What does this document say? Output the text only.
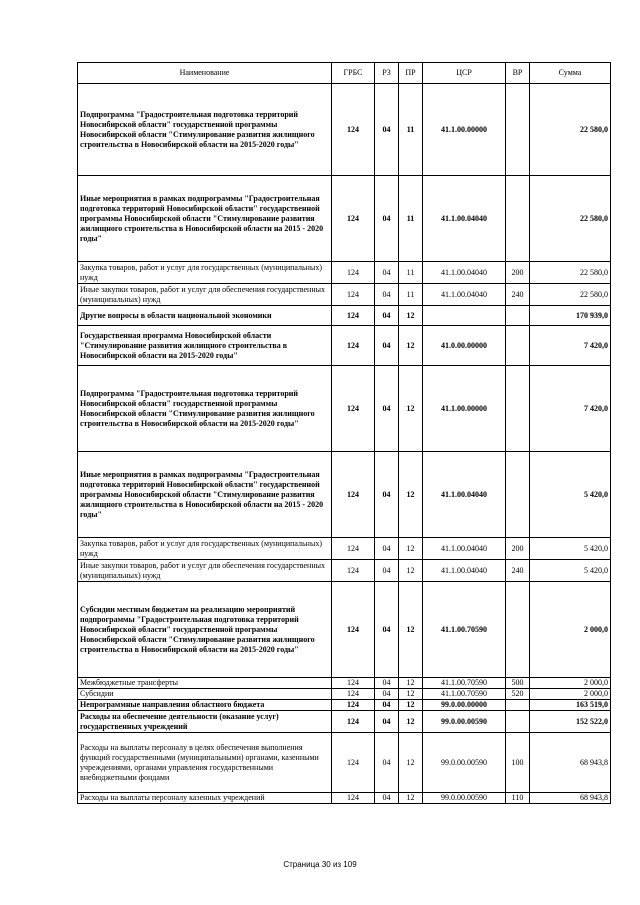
Наименование	ГРБС	РЗ	ПР	ЦСР	ВР	Сумма
Подпрограмма "Градостроительная подготовка территорий Новосибирской области" государственной программы Новосибирской области "Стимулирование развития жилищного строительства в Новосибирской области на 2015-2020 годы"	124	04	11	41.1.00.00000		22 580,0
Иные мероприятия в рамках подпрограммы "Градостроительная подготовка территорий Новосибирской области" государственной программы Новосибирской области "Стимулирование развития жилищного строительства в Новосибирской области на 2015 - 2020 годы"	124	04	11	41.1.00.04040		22 580,0
Закупка товаров, работ и услуг для государственных (муниципальных) нужд	124	04	11	41.1.00.04040	200	22 580,0
Иные закупки товаров, работ и услуг для обеспечения государственных (муниципальных) нужд	124	04	11	41.1.00.04040	240	22 580,0
Другие вопросы в области национальной экономики	124	04	12			170 939,0
Государственная программа Новосибирской области "Стимулирование развития жилищного строительства в Новосибирской области на 2015-2020 годы"	124	04	12	41.0.00.00000		7 420,0
Подпрограмма "Градостроительная подготовка территорий Новосибирской области" государственной программы Новосибирской области "Стимулирование развития жилищного строительства в Новосибирской области на 2015-2020 годы"	124	04	12	41.1.00.00000		7 420,0
Иные мероприятия в рамках подпрограммы "Градостроительная подготовка территорий Новосибирской области" государственной программы Новосибирской области "Стимулирование развития жилищного строительства в Новосибирской области на 2015 - 2020 годы"	124	04	12	41.1.00.04040		5 420,0
Закупка товаров, работ и услуг для государственных (муниципальных) нужд	124	04	12	41.1.00.04040	200	5 420,0
Иные закупки товаров, работ и услуг для обеспечения государственных (муниципальных) нужд	124	04	12	41.1.00.04040	240	5 420,0
Субсидии местным бюджетам на реализацию мероприятий подпрограммы "Градостроительная подготовка территорий Новосибирской области" государственной программы Новосибирской области "Стимулирование развития жилищного строительства в Новосибирской области на 2015-2020 годы"	124	04	12	41.1.00.70590		2 000,0
Межбюджетные трансферты	124	04	12	41.1.00.70590	500	2 000,0
Субсидии	124	04	12	41.1.00.70590	520	2 000,0
Непрограммные направления областного бюджета	124	04	12	99.0.00.00000		163 519,0
Расходы на обеспечение деятельности (оказание услуг) государственных учреждений	124	04	12	99.0.00.00590		152 522,0
Расходы на выплаты персоналу в целях обеспечения выполнения функций государственными (муниципальными) органами, казенными учреждениями, органами управления государственными внебюджетными фондами	124	04	12	99.0.00.00590	100	68 943,8
Расходы на выплаты персоналу казенных учреждений	124	04	12	99.0.00.00590	110	68 943,8
Страница 30 из 109
